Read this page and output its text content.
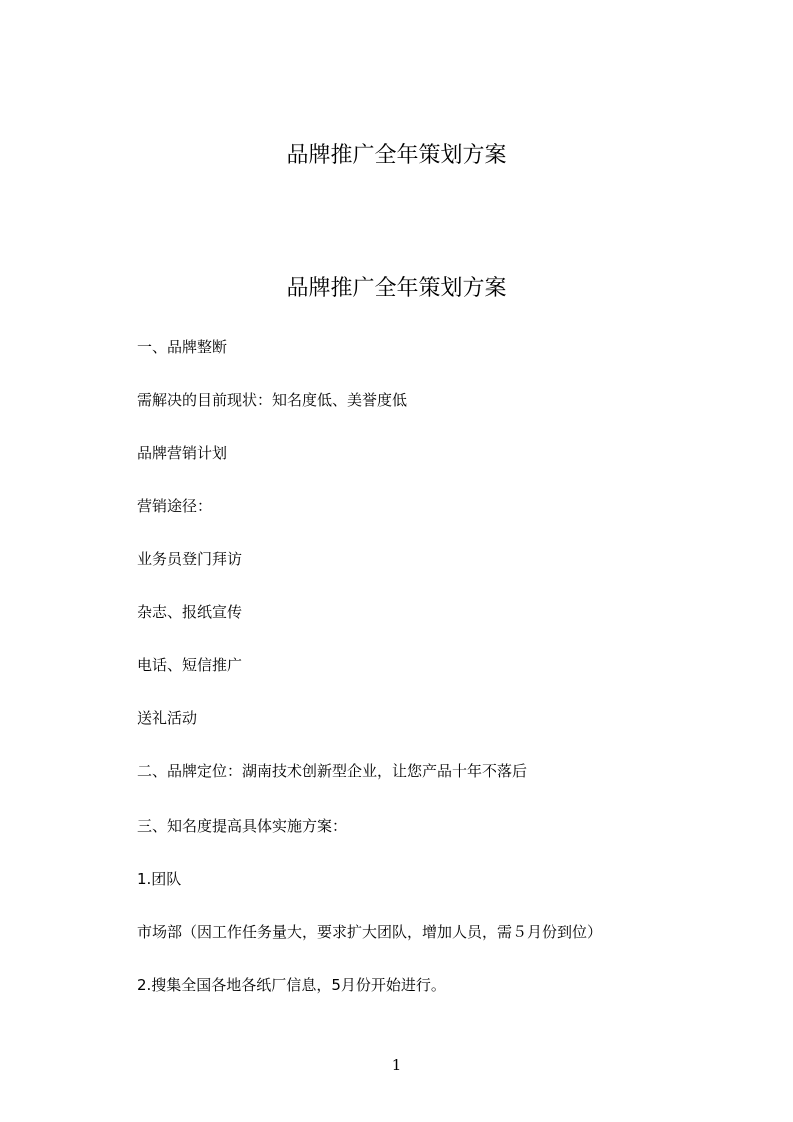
品牌推广全年策划方案
品牌推广全年策划方案

一、品牌整断

需解决的目前现状：知名度低、美誉度低

品牌营销计划

营销途径：

业务员登门拜访

杂志、报纸宣传

电话、短信推广

送礼活动

二、品牌定位：湖南技术创新型企业，让您产品十年不落后

三、知名度提高具体实施方案：

1.团队

市场部（因工作任务量大，要求扩大团队，增加人员，需５月份到位）

2.搜集全国各地各纸厂信息，5月份开始进行。

1
